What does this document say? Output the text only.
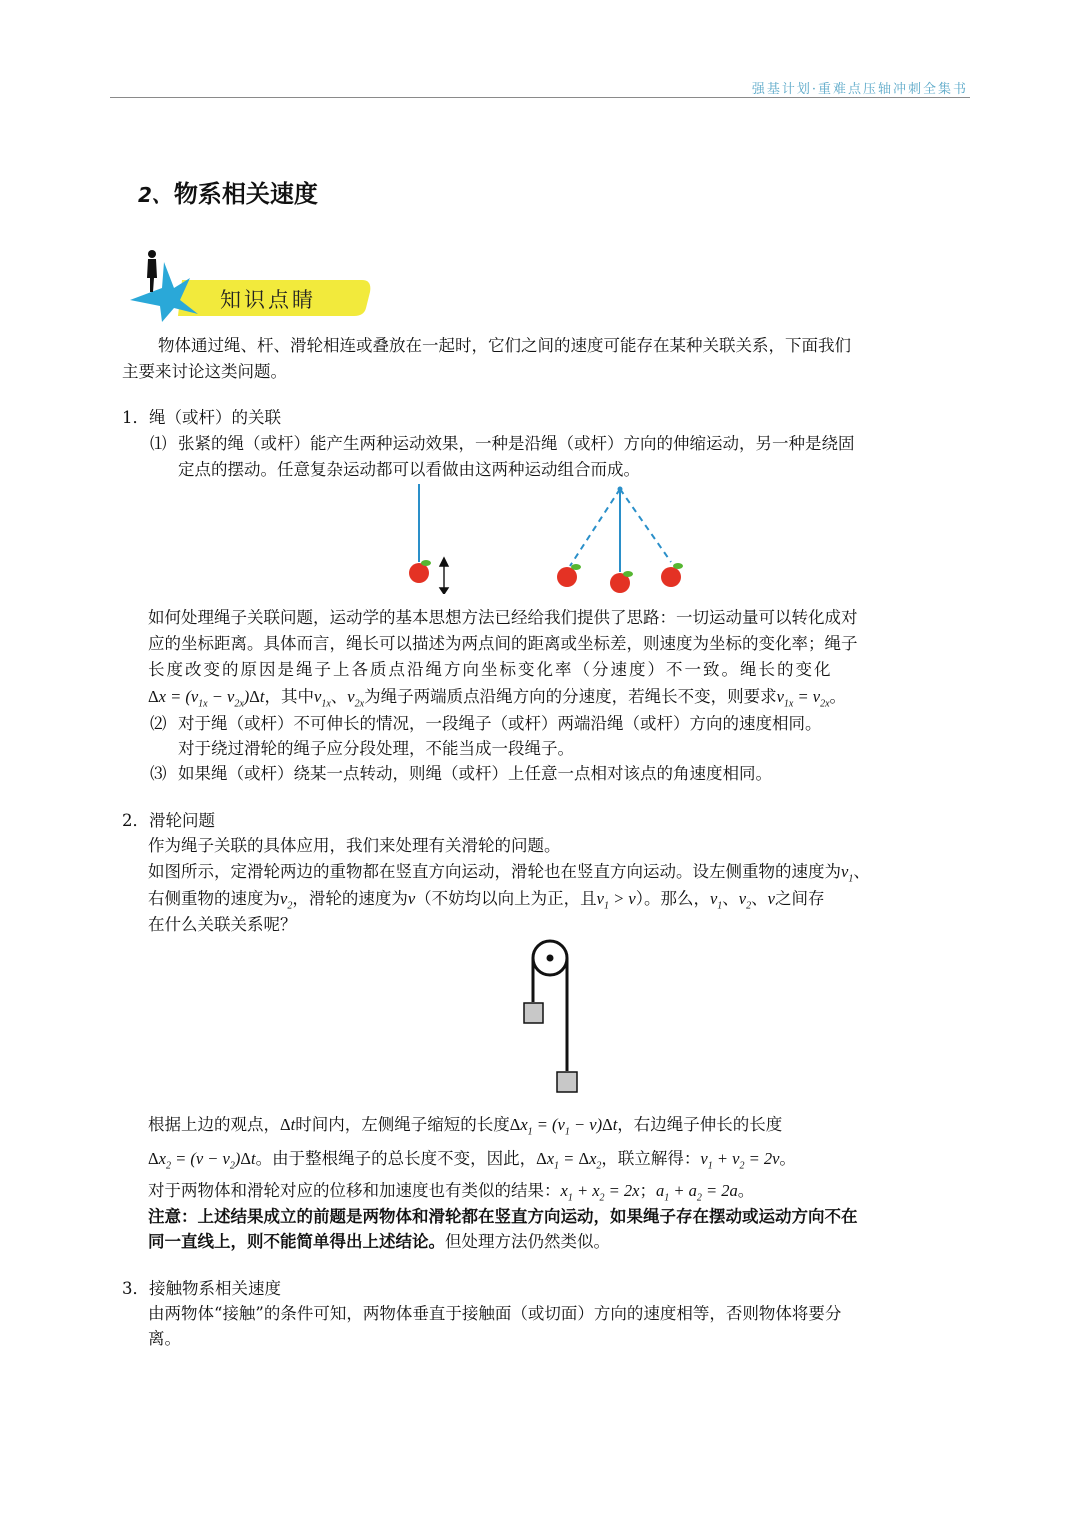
强基计划·重难点压轴冲刺全集书
2、物系相关速度
知识点睛
物体通过绳、杆、滑轮相连或叠放在一起时，它们之间的速度可能存在某种关联关系，下面我们
主要来讨论这类问题。
1．绳（或杆）的关联
⑴ 张紧的绳（或杆）能产生两种运动效果，一种是沿绳（或杆）方向的伸缩运动，另一种是绕固
定点的摆动。任意复杂运动都可以看做由这两种运动组合而成。
如何处理绳子关联问题，运动学的基本思想方法已经给我们提供了思路：一切运动量可以转化成对
应的坐标距离。具体而言，绳长可以描述为两点间的距离或坐标差，则速度为坐标的变化率；绳子
长度改变的原因是绳子上各质点沿绳方向坐标变化率（分速度）不一致。绳长的变化
$\Delta x = (v_{1x} - v_{2x})\Delta t$，其中$v_{1x}$、$v_{2x}$为绳子两端质点沿绳方向的分速度，若绳长不变，则要求$v_{1x} = v_{2x}$。
⑵ 对于绳（或杆）不可伸长的情况，一段绳子（或杆）两端沿绳（或杆）方向的速度相同。
对于绕过滑轮的绳子应分段处理，不能当成一段绳子。
⑶ 如果绳（或杆）绕某一点转动，则绳（或杆）上任意一点相对该点的角速度相同。
2．滑轮问题
作为绳子关联的具体应用，我们来处理有关滑轮的问题。
如图所示，定滑轮两边的重物都在竖直方向运动，滑轮也在竖直方向运动。设左侧重物的速度为$v_1$、
右侧重物的速度为$v_2$，滑轮的速度为v（不妨均以向上为正，且$v_1 > v$）。那么，$v_1$、$v_2$、v之间存
在什么关联关系呢？
根据上边的观点，Δt时间内，左侧绳子缩短的长度$\Delta x_1 = (v_1 - v)\Delta t$，右边绳子伸长的长度
$\Delta x_2 = (v - v_2)\Delta t$。由于整根绳子的总长度不变，因此，$\Delta x_1 = \Delta x_2$，联立解得：$v_1 + v_2 = 2v$。
对于两物体和滑轮对应的位移和加速度也有类似的结果：$x_1 + x_2 = 2x$；$a_1 + a_2 = 2a$。
注意：上述结果成立的前题是两物体和滑轮都在竖直方向运动，如果绳子存在摆动或运动方向不在
同一直线上，则不能简单得出上述结论。但处理方法仍然类似。
3．接触物系相关速度
由两物体“接触”的条件可知，两物体垂直于接触面（或切面）方向的速度相等，否则物体将要分
离。
